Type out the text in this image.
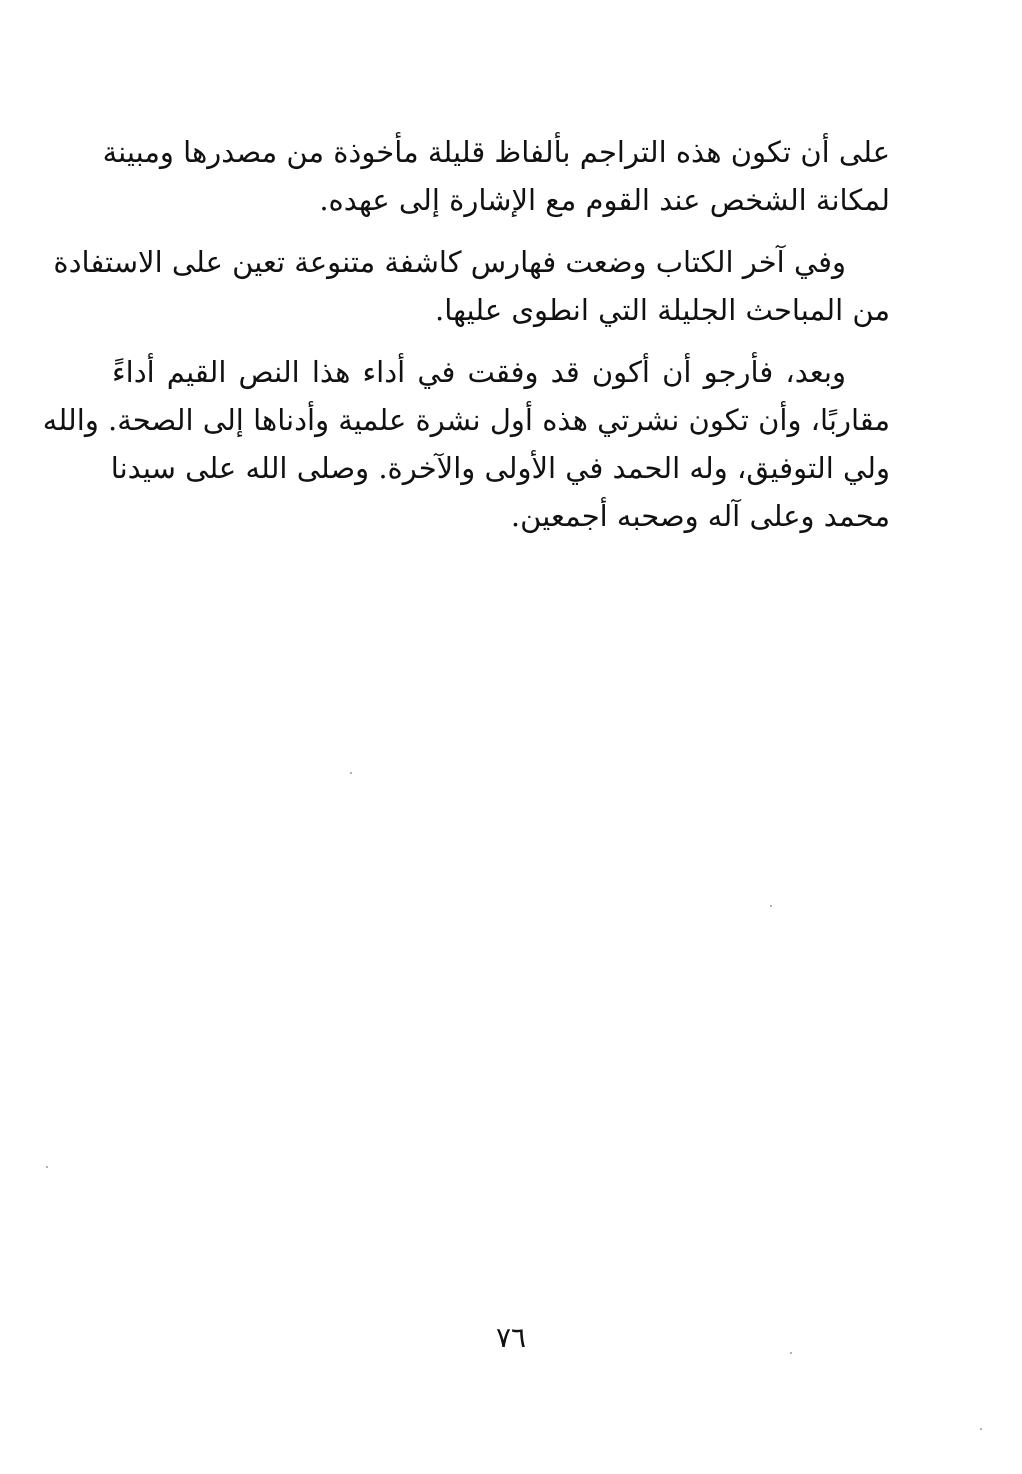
على أن تكون هذه التراجم بألفاظ قليلة مأخوذة من مصدرها ومبينة
لمكانة الشخص عند القوم مع الإشارة إلى عهده.
وفي آخر الكتاب وضعت فهارس كاشفة متنوعة تعين على الاستفادة
من المباحث الجليلة التي انطوى عليها.
وبعد، فأرجو أن أكون قد وفقت في أداء هذا النص القيم أداءً
مقاربًا، وأن تكون نشرتي هذه أول نشرة علمية وأدناها إلى الصحة. والله
ولي التوفيق، وله الحمد في الأولى والآخرة. وصلى الله على سيدنا
محمد وعلى آله وصحبه أجمعين.
٧٦
